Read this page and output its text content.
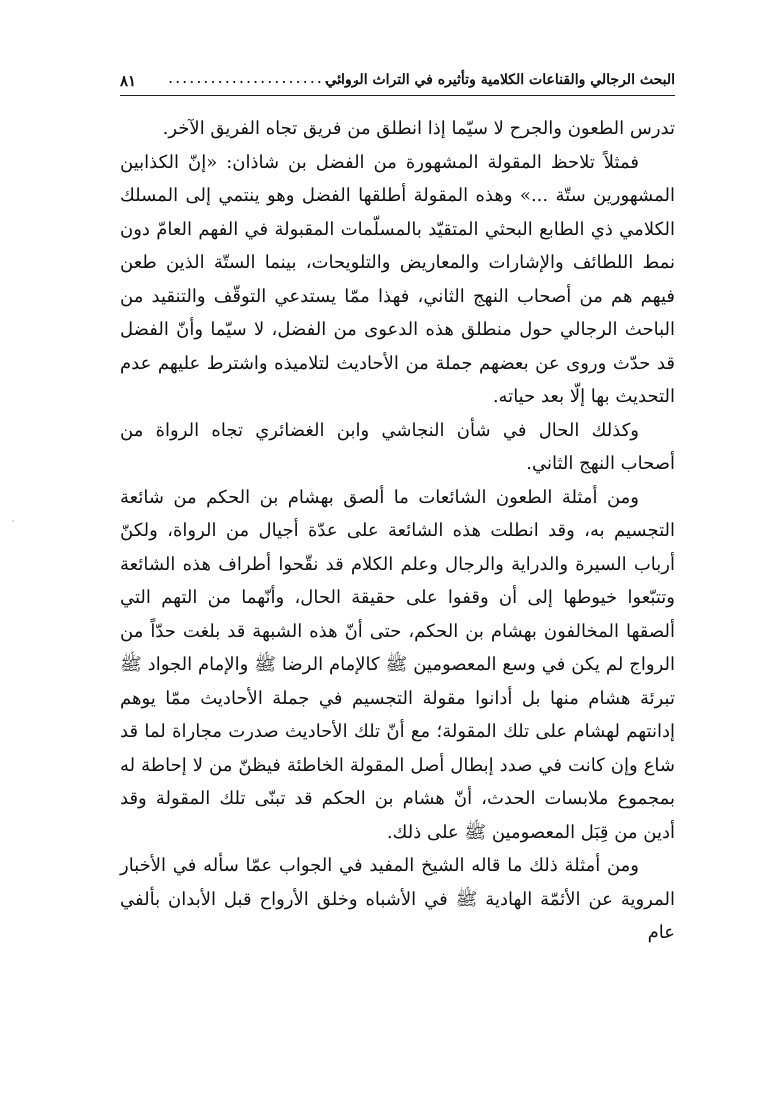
البحث الرجالي والقناعات الكلامية وتأثيره في التراث الروائي
...........................
٨١

تدرس الطعون والجرح لا سيّما إذا انطلق من فريق تجاه الفريق الآخر.

فمثلاً تلاحظ المقولة المشهورة من الفضل بن شاذان: «إنّ الكذابين المشهورين ستّة ...» وهذه المقولة أطلقها الفضل وهو ينتمي إلى المسلك الكلامي ذي الطابع البحثي المتقيّد بالمسلّمات المقبولة في الفهم العامّ دون نمط اللطائف والإشارات والمعاريض والتلويحات، بينما الستّة الذين طعن فيهم هم من أصحاب النهج الثاني، فهذا ممّا يستدعي التوقّف والتنقيد من الباحث الرجالي حول منطلق هذه الدعوى من الفضل، لا سيّما وأنّ الفضل قد حدّث وروى عن بعضهم جملة من الأحاديث لتلاميذه واشترط عليهم عدم التحديث بها إلّا بعد حياته.

وكذلك الحال في شأن النجاشي وابن الغضائري تجاه الرواة من أصحاب النهج الثاني.

ومن أمثلة الطعون الشائعات ما ألصق بهشام بن الحكم من شائعة التجسيم به، وقد انطلت هذه الشائعة على عدّة أجيال من الرواة، ولكنّ أرباب السيرة والدراية والرجال وعلم الكلام قد نقّحوا أطراف هذه الشائعة وتتبّعوا خيوطها إلى أن وقفوا على حقيقة الحال، وأنّهما من التهم التي ألصقها المخالفون بهشام بن الحكم، حتى أنّ هذه الشبهة قد بلغت حدّاً من الرواج لم يكن في وسع المعصومين ﷺ كالإمام الرضا ﷺ والإمام الجواد ﷺ تبرئة هشام منها بل أدانوا مقولة التجسيم في جملة الأحاديث ممّا يوهم إدانتهم لهشام على تلك المقولة؛ مع أنّ تلك الأحاديث صدرت مجاراة لما قد شاع وإن كانت في صدد إبطال أصل المقولة الخاطئة فيظنّ من لا إحاطة له بمجموع ملابسات الحدث، أنّ هشام بن الحكم قد تبنّى تلك المقولة وقد أدين من قِبَل المعصومين ﷺ على ذلك.

ومن أمثلة ذلك ما قاله الشيخ المفيد في الجواب عمّا سأله في الأخبار المروية عن الأئمّة الهادية ﷺ في الأشباه وخلق الأرواح قبل الأبدان بألفي عام
